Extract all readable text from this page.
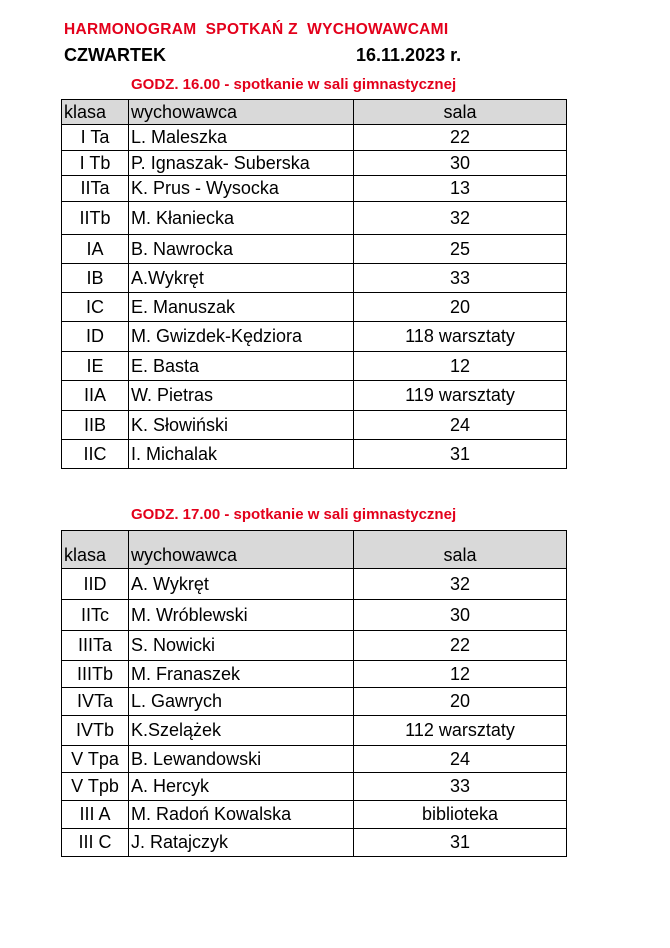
HARMONOGRAM  SPOTKAŃ Z  WYCHOWAWCAMI
CZWARTEK	16.11.2023 r.
GODZ. 16.00 - spotkanie w sali gimnastycznej
klasa	wychowawca	sala
I Ta	L. Maleszka	22
I Tb	P. Ignaszak- Suberska	30
IITa	K. Prus - Wysocka	13
IITb	M. Kłaniecka	32
IA	B. Nawrocka	25
IB	A.Wykręt	33
IC	E. Manuszak	20
ID	M. Gwizdek-Kędziora	118 warsztaty
IE	E. Basta	12
IIA	W. Pietras	119 warsztaty
IIB	K. Słowiński	24
IIC	I. Michalak	31
GODZ. 17.00 - spotkanie w sali gimnastycznej
klasa	wychowawca	sala
IID	A. Wykręt	32
IITc	M. Wróblewski	30
IIITa	S. Nowicki	22
IIITb	M. Franaszek	12
IVTa	L. Gawrych	20
IVTb	K.Szelążek	112 warsztaty
V Tpa	B. Lewandowski	24
V Tpb	A. Hercyk	33
III A	M. Radoń Kowalska	biblioteka
III C	J. Ratajczyk	31
